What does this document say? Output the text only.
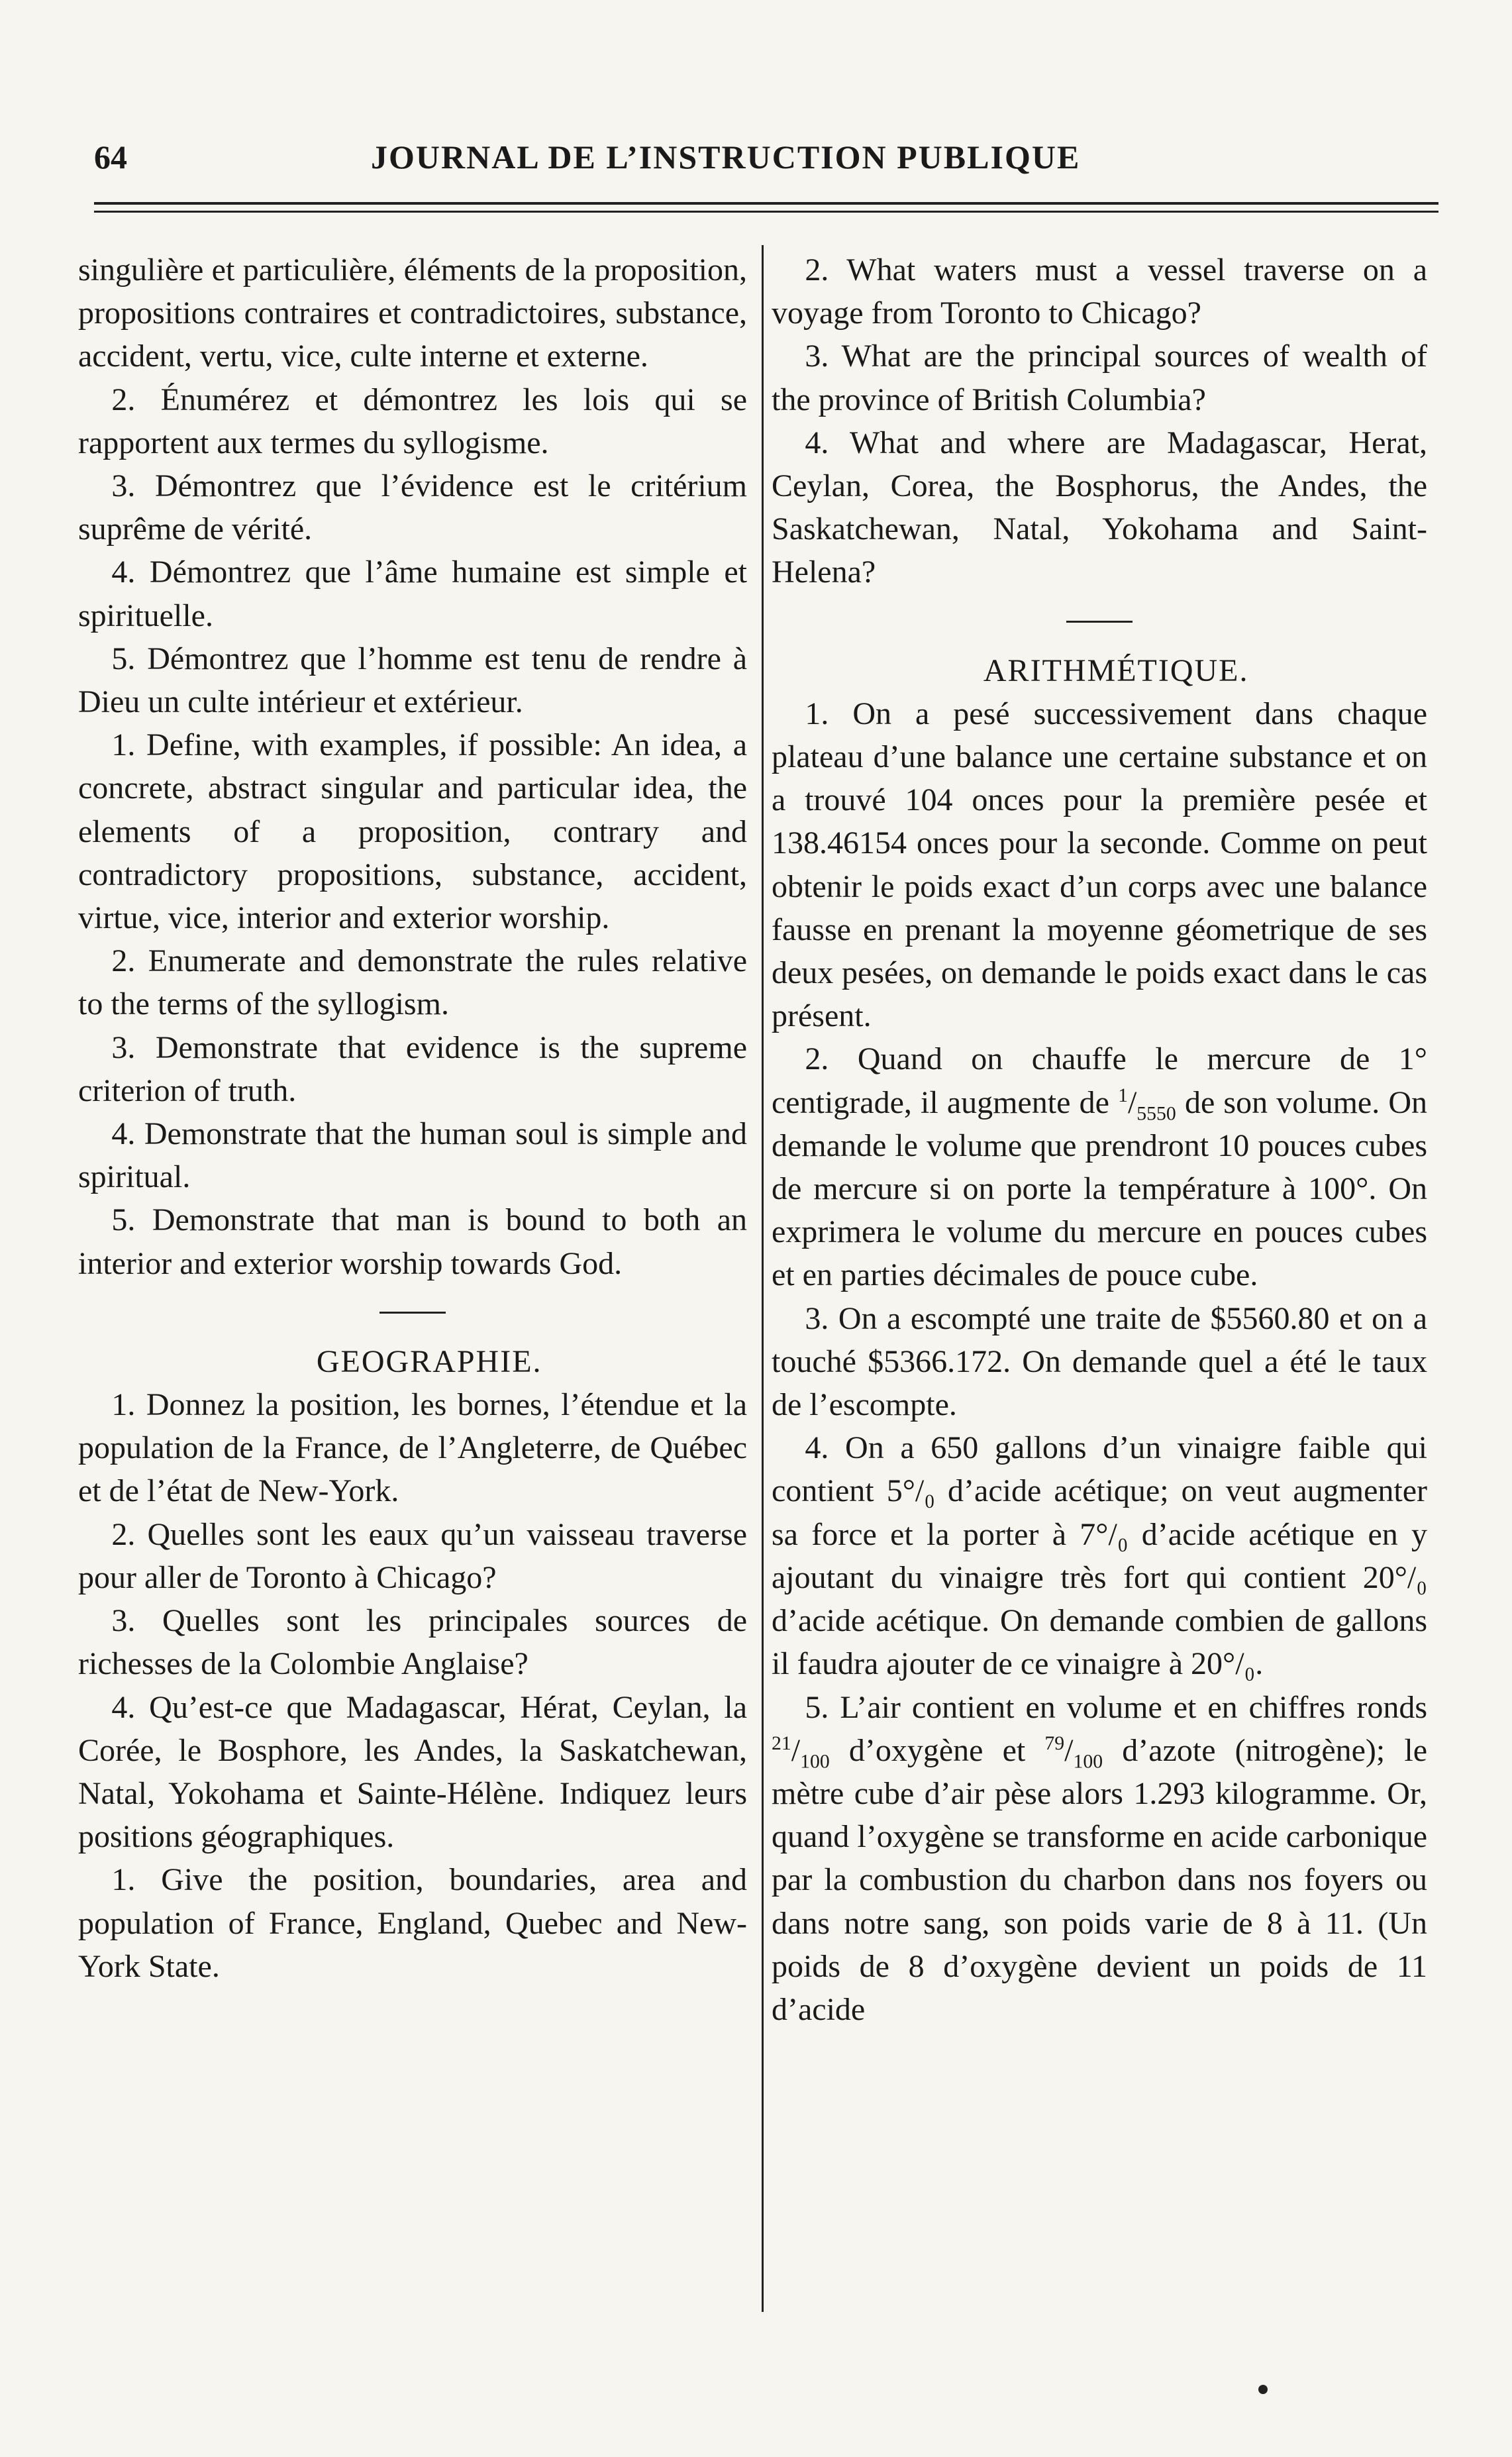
64	JOURNAL DE L’INSTRUCTION PUBLIQUE

singulière et particulière, éléments de la proposition, propositions contraires et contradictoires, substance, accident, vertu, vice, culte interne et externe.

2. Énumérez et démontrez les lois qui se rapportent aux termes du syllogisme.

3. Démontrez que l’évidence est le critérium suprême de vérité.

4. Démontrez que l’âme humaine est simple et spirituelle.

5. Démontrez que l’homme est tenu de rendre à Dieu un culte intérieur et extérieur.

1. Define, with examples, if possible: An idea, a concrete, abstract singular and particular idea, the elements of a proposition, contrary and contradictory propositions, substance, accident, virtue, vice, interior and exterior worship.

2. Enumerate and demonstrate the rules relative to the terms of the syllogism.

3. Demonstrate that evidence is the supreme criterion of truth.

4. Demonstrate that the human soul is simple and spiritual.

5. Demonstrate that man is bound to both an interior and exterior worship towards God.

GEOGRAPHIE.

1. Donnez la position, les bornes, l’étendue et la population de la France, de l’Angleterre, de Québec et de l’état de New-York.

2. Quelles sont les eaux qu’un vaisseau traverse pour aller de Toronto à Chicago?

3. Quelles sont les principales sources de richesses de la Colombie Anglaise?

4. Qu’est-ce que Madagascar, Hérat, Ceylan, la Corée, le Bosphore, les Andes, la Saskatchewan, Natal, Yokohama et Sainte-Hélène. Indiquez leurs positions géographiques.

1. Give the position, boundaries, area and population of France, England, Quebec and New-York State.

2. What waters must a vessel traverse on a voyage from Toronto to Chicago?

3. What are the principal sources of wealth of the province of British Columbia?

4. What and where are Madagascar, Herat, Ceylan, Corea, the Bosphorus, the Andes, the Saskatchewan, Natal, Yokohama and Saint-Helena?

ARITHMÉTIQUE.

1. On a pesé successivement dans chaque plateau d’une balance une certaine substance et on a trouvé 104 onces pour la première pesée et 138.46154 onces pour la seconde. Comme on peut obtenir le poids exact d’un corps avec une balance fausse en prenant la moyenne géometrique de ses deux pesées, on demande le poids exact dans le cas présent.

2. Quand on chauffe le mercure de 1° centigrade, il augmente de $^1/_{5550}$ de son volume. On demande le volume que prendront 10 pouces cubes de mercure si on porte la température à 100°. On exprimera le volume du mercure en pouces cubes et en parties décimales de pouce cube.

3. On a escompté une traite de $5560.80 et on a touché $5366.172. On demande quel a été le taux de l’escompte.

4. On a 650 gallons d’un vinaigre faible qui contient 5°/₀ d’acide acétique; on veut augmenter sa force et la porter à 7°/₀ d’acide acétique en y ajoutant du vinaigre très fort qui contient 20°/₀ d’acide acétique. On demande combien de gallons il faudra ajouter de ce vinaigre à 20°/₀.

5. L’air contient en volume et en chiffres ronds $^{21}/_{100}$ d’oxygène et $^{79}/_{100}$ d’azote (nitrogène); le mètre cube d’air pèse alors 1.293 kilogramme. Or, quand l’oxygène se transforme en acide carbonique par la combustion du charbon dans nos foyers ou dans notre sang, son poids varie de 8 à 11. (Un poids de 8 d’oxygène devient un poids de 11 d’acide
